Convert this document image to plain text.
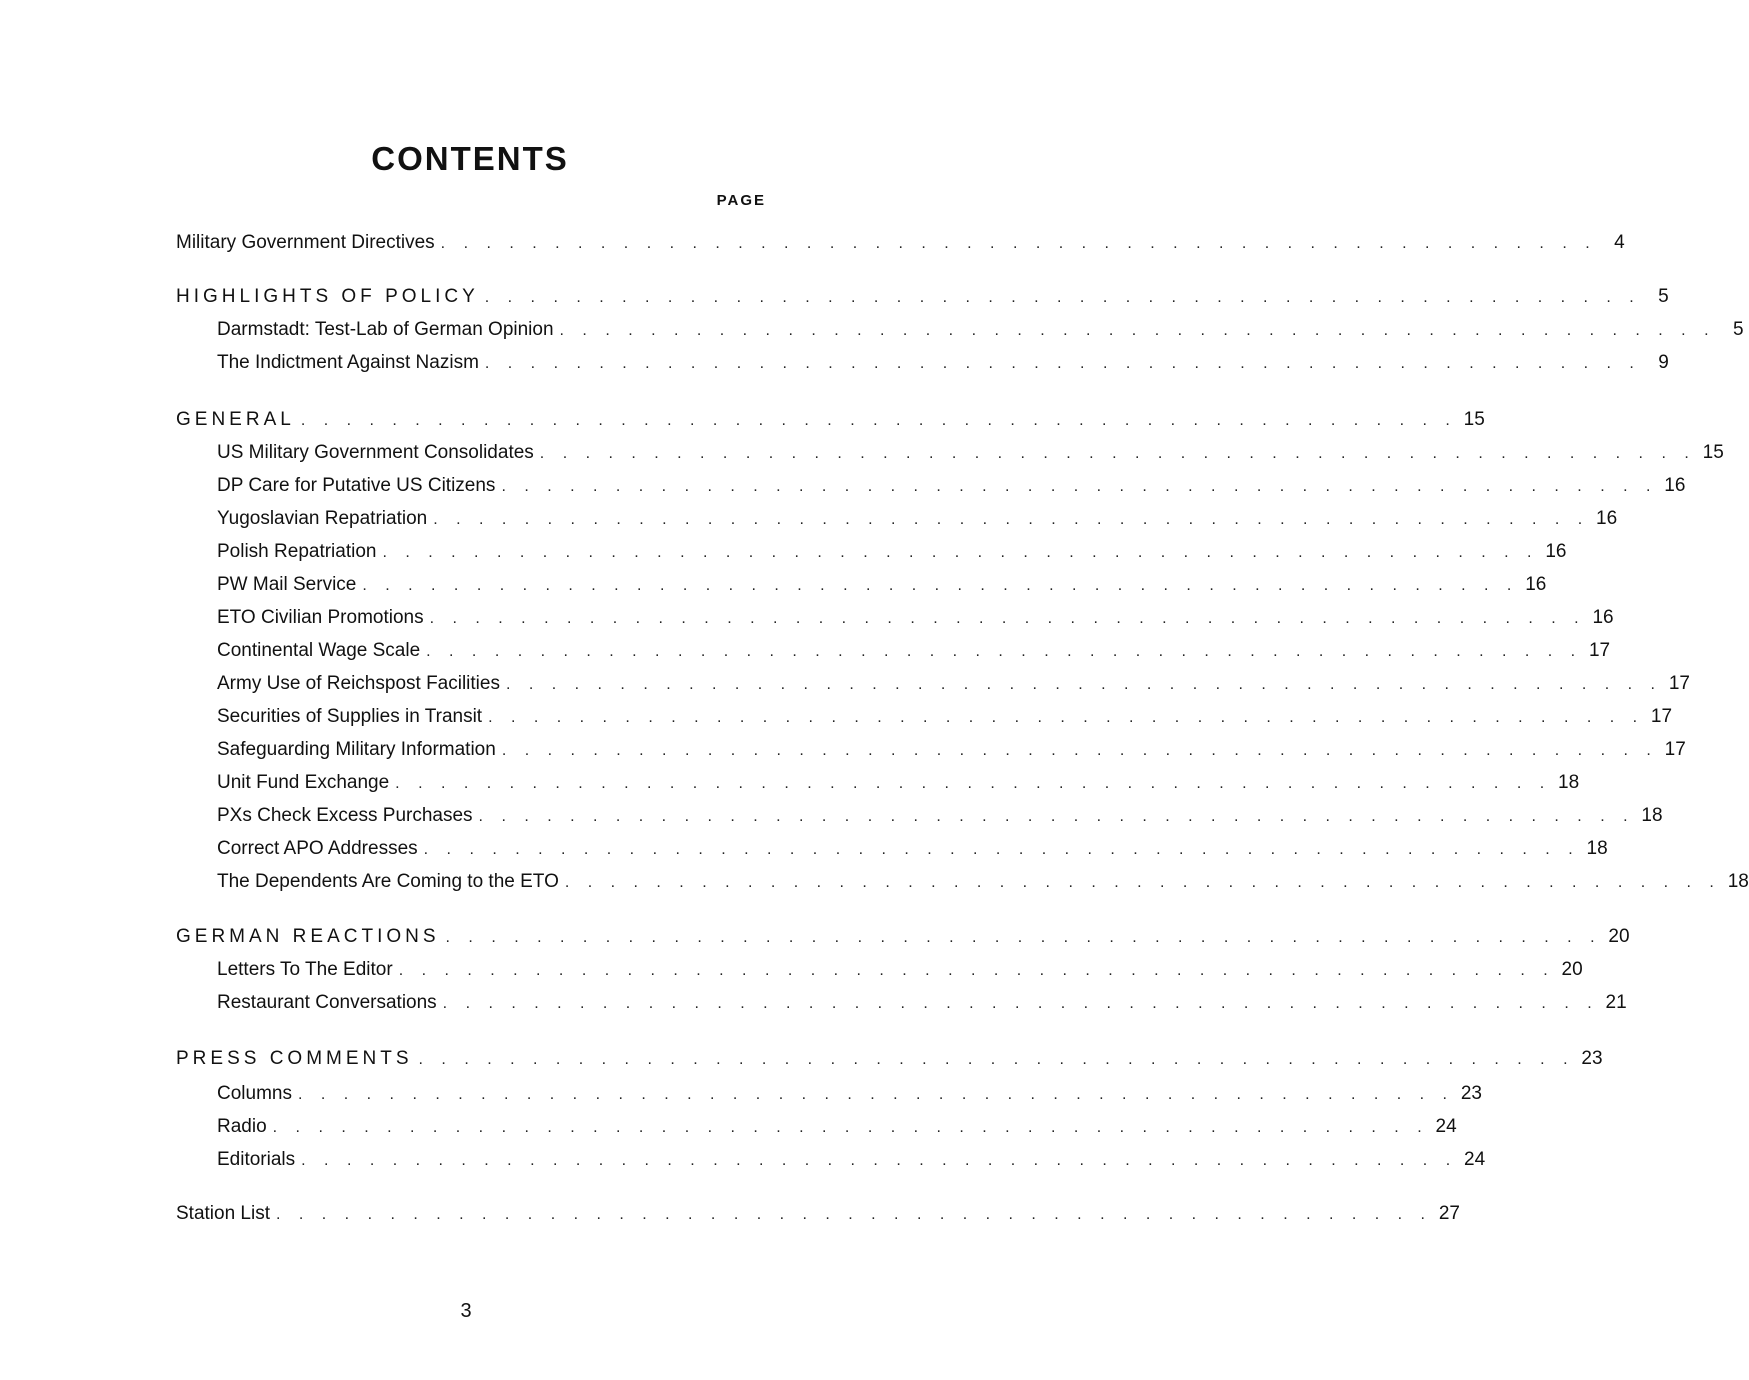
CONTENTS
PAGE
Military Government Directives . . . . . . . . . . . . . . . . . . . . . . . . . . . . . . . . . . . . . . . . . . . . . . . . . . . 4
HIGHLIGHTS OF POLICY . . . . . . . . . . . . . . . . . . . . . . . . . . . . . . . . . . . . . . . . . . . . . . . . . . . 5
Darmstadt: Test-Lab of German Opinion . . . . . . . . . . . . . . . . . . . . . . . . . . . . . . . . . . . . . . . . . . . . . . . . . . . 5
The Indictment Against Nazism . . . . . . . . . . . . . . . . . . . . . . . . . . . . . . . . . . . . . . . . . . . . . . . . . . . 9
GENERAL . . . . . . . . . . . . . . . . . . . . . . . . . . . . . . . . . . . . . . . . . . . . . . . . . . . 15
US Military Government Consolidates . . . . . . . . . . . . . . . . . . . . . . . . . . . . . . . . . . . . . . . . . . . . . . . . . . . 15
DP Care for Putative US Citizens . . . . . . . . . . . . . . . . . . . . . . . . . . . . . . . . . . . . . . . . . . . . . . . . . . . 16
Yugoslavian Repatriation . . . . . . . . . . . . . . . . . . . . . . . . . . . . . . . . . . . . . . . . . . . . . . . . . . . 16
Polish Repatriation . . . . . . . . . . . . . . . . . . . . . . . . . . . . . . . . . . . . . . . . . . . . . . . . . . . 16
PW Mail Service . . . . . . . . . . . . . . . . . . . . . . . . . . . . . . . . . . . . . . . . . . . . . . . . . . . 16
ETO Civilian Promotions . . . . . . . . . . . . . . . . . . . . . . . . . . . . . . . . . . . . . . . . . . . . . . . . . . . 16
Continental Wage Scale . . . . . . . . . . . . . . . . . . . . . . . . . . . . . . . . . . . . . . . . . . . . . . . . . . . 17
Army Use of Reichspost Facilities . . . . . . . . . . . . . . . . . . . . . . . . . . . . . . . . . . . . . . . . . . . . . . . . . . . 17
Securities of Supplies in Transit . . . . . . . . . . . . . . . . . . . . . . . . . . . . . . . . . . . . . . . . . . . . . . . . . . . 17
Safeguarding Military Information . . . . . . . . . . . . . . . . . . . . . . . . . . . . . . . . . . . . . . . . . . . . . . . . . . . 17
Unit Fund Exchange . . . . . . . . . . . . . . . . . . . . . . . . . . . . . . . . . . . . . . . . . . . . . . . . . . . 18
PXs Check Excess Purchases . . . . . . . . . . . . . . . . . . . . . . . . . . . . . . . . . . . . . . . . . . . . . . . . . . . 18
Correct APO Addresses . . . . . . . . . . . . . . . . . . . . . . . . . . . . . . . . . . . . . . . . . . . . . . . . . . . 18
The Dependents Are Coming to the ETO . . . . . . . . . . . . . . . . . . . . . . . . . . . . . . . . . . . . . . . . . . . . . . . . . . . 18
GERMAN REACTIONS . . . . . . . . . . . . . . . . . . . . . . . . . . . . . . . . . . . . . . . . . . . . . . . . . . . 20
Letters To The Editor . . . . . . . . . . . . . . . . . . . . . . . . . . . . . . . . . . . . . . . . . . . . . . . . . . . 20
Restaurant Conversations . . . . . . . . . . . . . . . . . . . . . . . . . . . . . . . . . . . . . . . . . . . . . . . . . . . 21
PRESS COMMENTS . . . . . . . . . . . . . . . . . . . . . . . . . . . . . . . . . . . . . . . . . . . . . . . . . . . 23
Columns . . . . . . . . . . . . . . . . . . . . . . . . . . . . . . . . . . . . . . . . . . . . . . . . . . . 23
Radio . . . . . . . . . . . . . . . . . . . . . . . . . . . . . . . . . . . . . . . . . . . . . . . . . . . 24
Editorials . . . . . . . . . . . . . . . . . . . . . . . . . . . . . . . . . . . . . . . . . . . . . . . . . . . 24
Station List . . . . . . . . . . . . . . . . . . . . . . . . . . . . . . . . . . . . . . . . . . . . . . . . . . . 27
3
